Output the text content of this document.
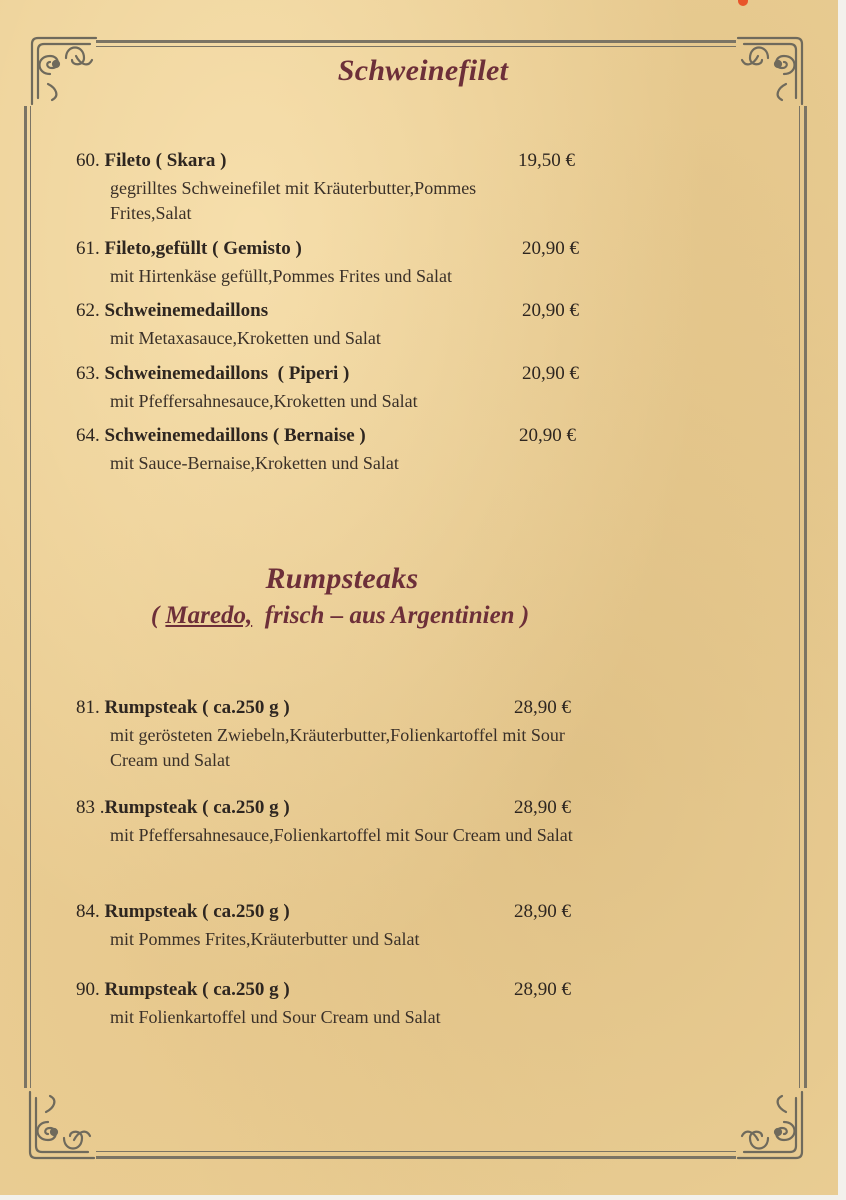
Schweinefilet
60. Fileto ( Skara )	19,50 €
gegrilltes Schweinefilet mit Kräuterbutter,Pommes Frites,Salat
61. Fileto,gefüllt ( Gemisto )	20,90 €
mit Hirtenkäse gefüllt,Pommes Frites und Salat
62. Schweinemedaillons	20,90 €
mit Metaxasauce,Kroketten und Salat
63. Schweinemedaillons  ( Piperi )	20,90 €
mit Pfeffersahnesauce,Kroketten und Salat
64. Schweinemedaillons ( Bernaise )	20,90 €
mit Sauce-Bernaise,Kroketten und Salat
Rumpsteaks
( Maredo,  frisch – aus Argentinien )
81. Rumpsteak ( ca.250 g )	28,90 €
mit gerösteten Zwiebeln,Kräuterbutter,Folienkartoffel mit Sour Cream und Salat
83 .Rumpsteak ( ca.250 g )	28,90 €
mit Pfeffersahnesauce,Folienkartoffel mit Sour Cream und Salat
84. Rumpsteak ( ca.250 g )	28,90 €
mit Pommes Frites,Kräuterbutter und Salat
90. Rumpsteak ( ca.250 g )	28,90 €
mit Folienkartoffel und Sour Cream und Salat
